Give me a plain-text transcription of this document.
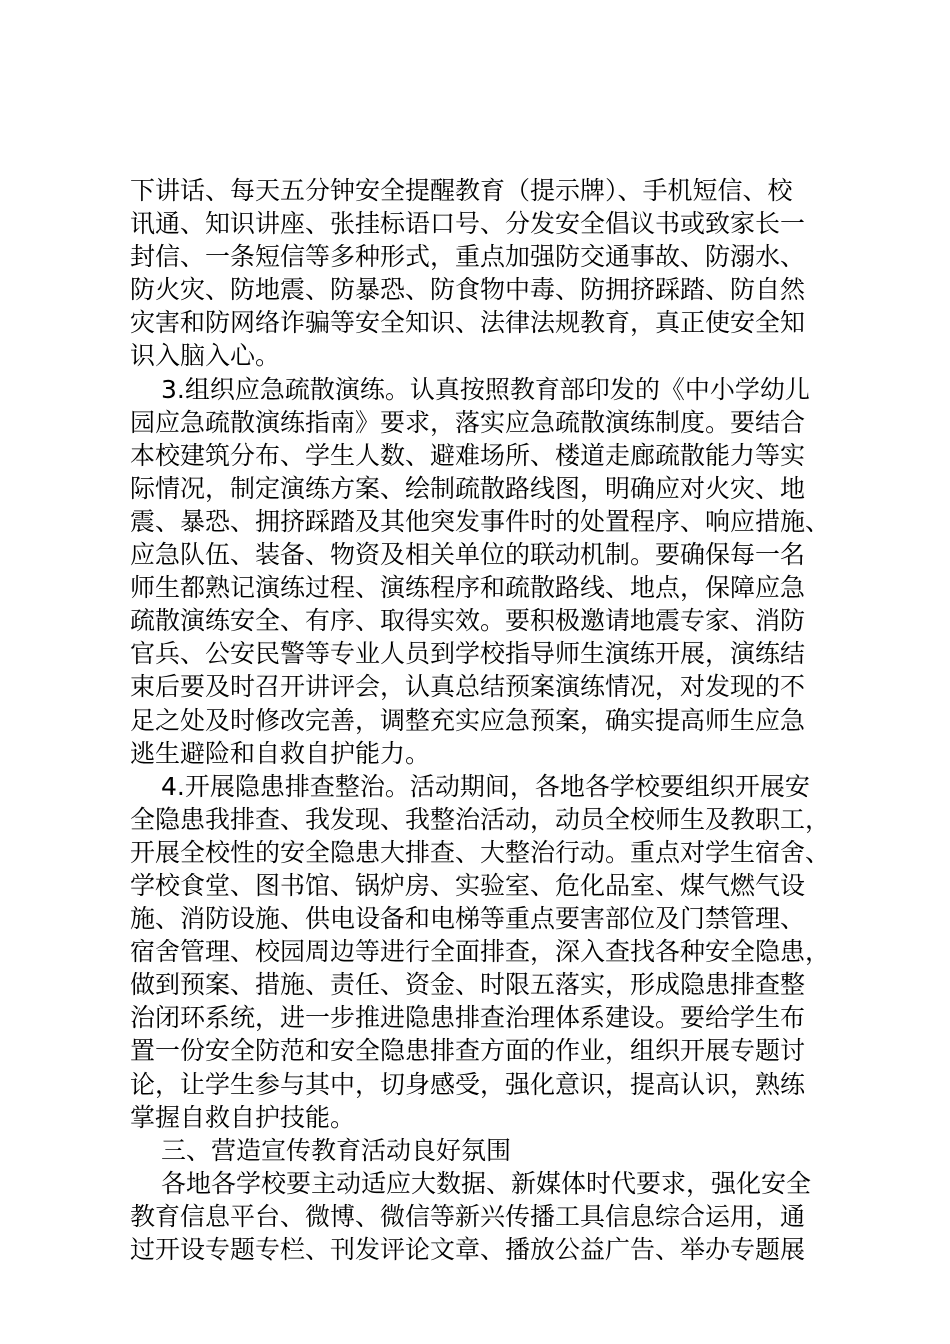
下讲话、每天五分钟安全提醒教育（提示牌）、手机短信、校
讯通、知识讲座、张挂标语口号、分发安全倡议书或致家长一
封信、一条短信等多种形式，重点加强防交通事故、防溺水、
防火灾、防地震、防暴恐、防食物中毒、防拥挤踩踏、防自然
灾害和防网络诈骗等安全知识、法律法规教育，真正使安全知
识入脑入心。
3.组织应急疏散演练。认真按照教育部印发的《中小学幼儿
园应急疏散演练指南》要求，落实应急疏散演练制度。要结合
本校建筑分布、学生人数、避难场所、楼道走廊疏散能力等实
际情况，制定演练方案、绘制疏散路线图，明确应对火灾、地
震、暴恐、拥挤踩踏及其他突发事件时的处置程序、响应措施、
应急队伍、装备、物资及相关单位的联动机制。要确保每一名
师生都熟记演练过程、演练程序和疏散路线、地点，保障应急
疏散演练安全、有序、取得实效。要积极邀请地震专家、消防
官兵、公安民警等专业人员到学校指导师生演练开展，演练结
束后要及时召开讲评会，认真总结预案演练情况，对发现的不
足之处及时修改完善，调整充实应急预案，确实提高师生应急
逃生避险和自救自护能力。
4.开展隐患排查整治。活动期间，各地各学校要组织开展安
全隐患我排查、我发现、我整治活动，动员全校师生及教职工，
开展全校性的安全隐患大排查、大整治行动。重点对学生宿舍、
学校食堂、图书馆、锅炉房、实验室、危化品室、煤气燃气设
施、消防设施、供电设备和电梯等重点要害部位及门禁管理、
宿舍管理、校园周边等进行全面排查，深入查找各种安全隐患，
做到预案、措施、责任、资金、时限五落实，形成隐患排查整
治闭环系统，进一步推进隐患排查治理体系建设。要给学生布
置一份安全防范和安全隐患排查方面的作业，组织开展专题讨
论，让学生参与其中，切身感受，强化意识，提高认识，熟练
掌握自救自护技能。
三、营造宣传教育活动良好氛围
各地各学校要主动适应大数据、新媒体时代要求，强化安全
教育信息平台、微博、微信等新兴传播工具信息综合运用，通
过开设专题专栏、刊发评论文章、播放公益广告、举办专题展
